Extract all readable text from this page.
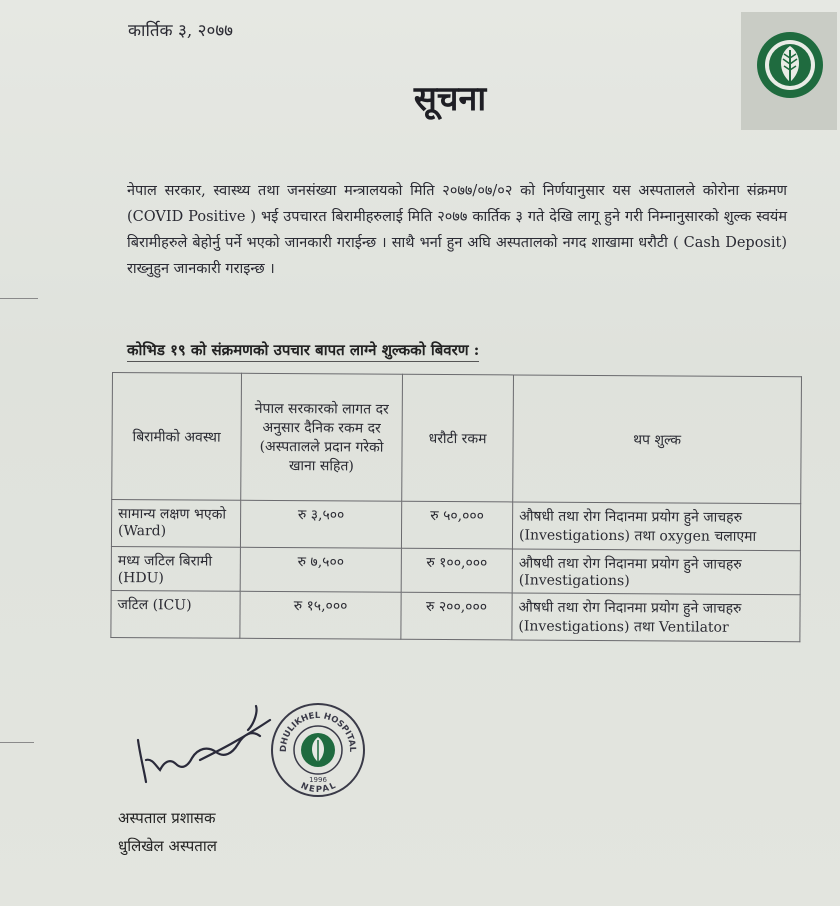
कार्तिक ३, २०७७
सूचना
नेपाल सरकार, स्वास्थ्य तथा जनसंख्या मन्त्रालयको मिति २०७७/०७/०२ को निर्णयानुसार यस अस्पतालले कोरोना संक्रमण (COVID Positive ) भई उपचारत बिरामीहरुलाई मिति २०७७ कार्तिक ३ गते देखि लागू हुने गरी निम्नानुसारको शुल्क स्वयंम बिरामीहरुले बेहोर्नु पर्ने भएको जानकारी गराईन्छ । साथै भर्ना हुन अघि अस्पतालको नगद शाखामा धरौटी ( Cash Deposit) राख्नुहुन जानकारी गराइन्छ ।
कोभिड १९ को संक्रमणको उपचार बापत लाग्ने शुल्कको बिवरण :
बिरामीको अवस्था	नेपाल सरकारको लागत दर अनुसार दैनिक रकम दर (अस्पतालले प्रदान गरेको खाना सहित)	धरौटी रकम	थप शुल्क
सामान्य लक्षण भएको (Ward)	रु ३,५००	रु ५०,०००	औषधी तथा रोग निदानमा प्रयोग हुने जाचहरु (Investigations) तथा oxygen चलाएमा
मध्य जटिल बिरामी (HDU)	रु ७,५००	रु १००,०००	औषधी तथा रोग निदानमा प्रयोग हुने जाचहरु (Investigations)
जटिल (ICU)	रु १५,०००	रु २००,०००	औषधी तथा रोग निदानमा प्रयोग हुने जाचहरु (Investigations) तथा Ventilator
DHULIKHEL HOSPITAL
NEPAL
1996
अस्पताल प्रशासक
धुलिखेल अस्पताल
